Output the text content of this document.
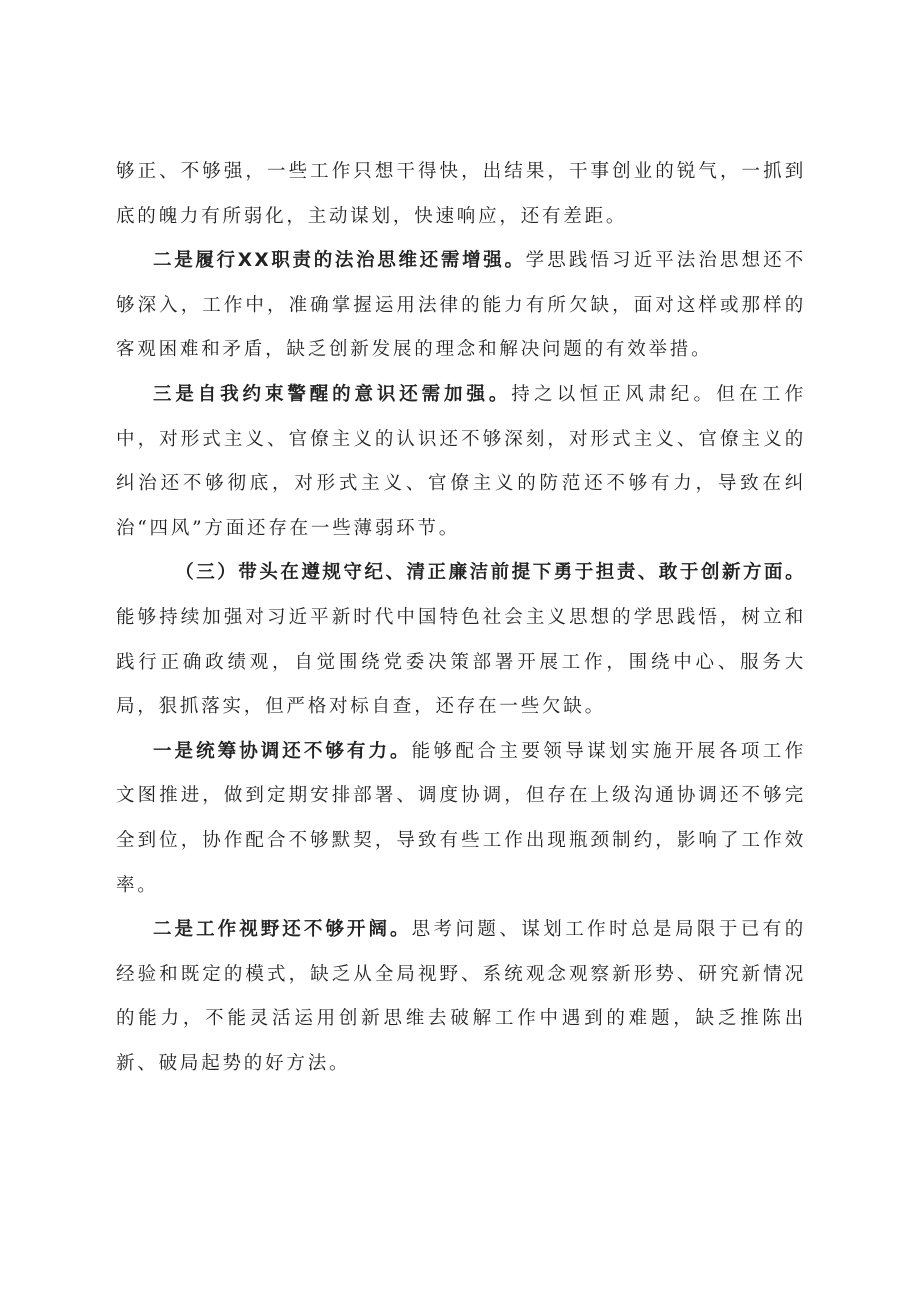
够正、不够强，一些工作只想干得快，出结果，干事创业的锐气，一抓到底的魄力有所弱化，主动谋划，快速响应，还有差距。

二是履行XX职责的法治思维还需增强。学思践悟习近平法治思想还不够深入，工作中，准确掌握运用法律的能力有所欠缺，面对这样或那样的客观困难和矛盾，缺乏创新发展的理念和解决问题的有效举措。

三是自我约束警醒的意识还需加强。持之以恒正风肃纪。但在工作中，对形式主义、官僚主义的认识还不够深刻，对形式主义、官僚主义的纠治还不够彻底，对形式主义、官僚主义的防范还不够有力，导致在纠治“四风”方面还存在一些薄弱环节。

（三）带头在遵规守纪、清正廉洁前提下勇于担责、敢于创新方面。能够持续加强对习近平新时代中国特色社会主义思想的学思践悟，树立和践行正确政绩观，自觉围绕党委决策部署开展工作，围绕中心、服务大局，狠抓落实，但严格对标自查，还存在一些欠缺。

一是统筹协调还不够有力。能够配合主要领导谋划实施开展各项工作文图推进，做到定期安排部署、调度协调，但存在上级沟通协调还不够完全到位，协作配合不够默契，导致有些工作出现瓶颈制约，影响了工作效率。

二是工作视野还不够开阔。思考问题、谋划工作时总是局限于已有的经验和既定的模式，缺乏从全局视野、系统观念观察新形势、研究新情况的能力，不能灵活运用创新思维去破解工作中遇到的难题，缺乏推陈出新、破局起势的好方法。
